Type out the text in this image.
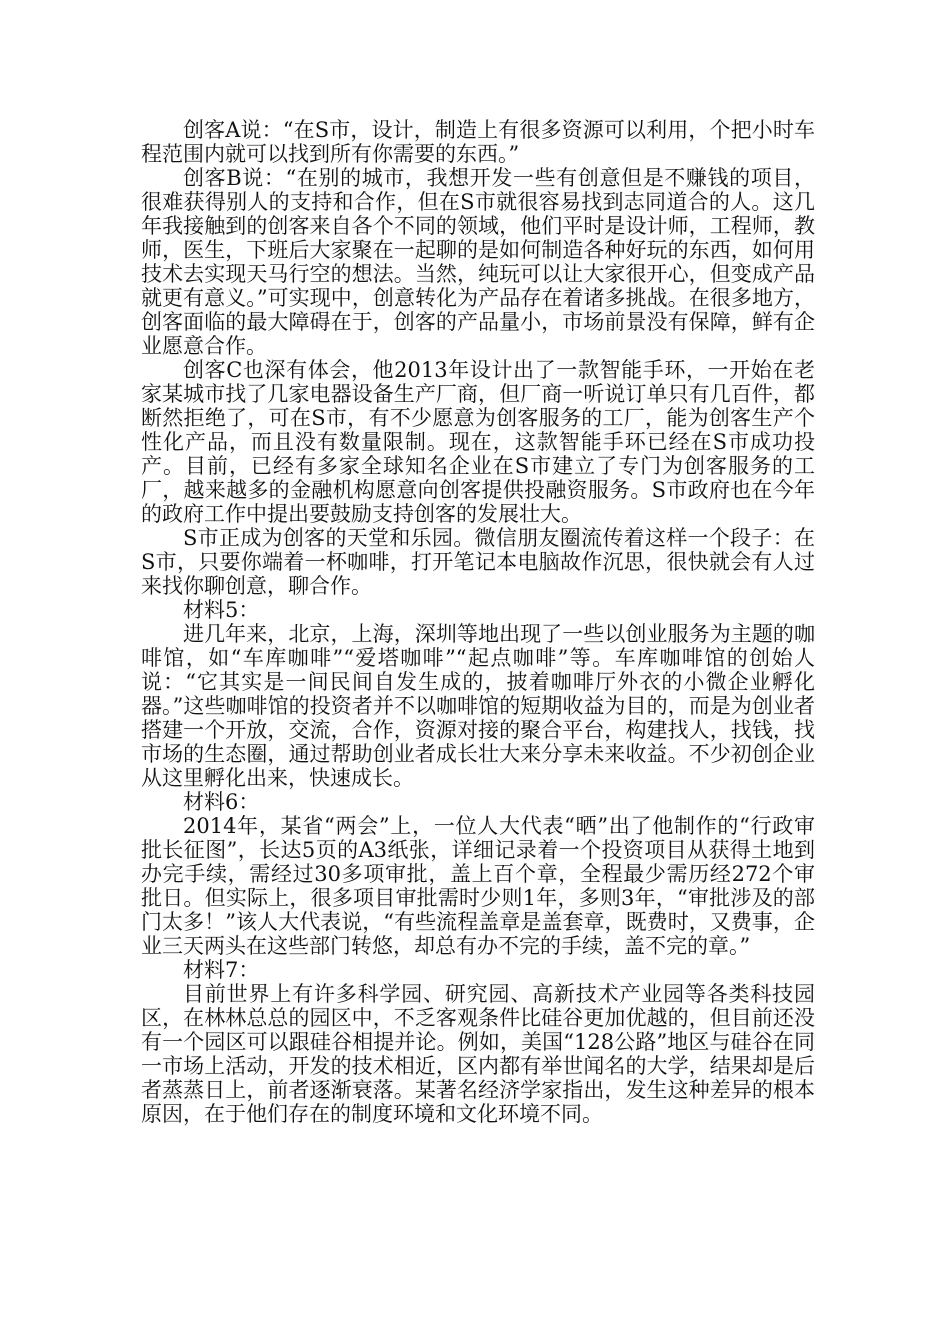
创客A说：“在S市，设计，制造上有很多资源可以利用，个把小时车程范围内就可以找到所有你需要的东西。”

创客B说：“在别的城市，我想开发一些有创意但是不赚钱的项目，很难获得别人的支持和合作，但在S市就很容易找到志同道合的人。这几年我接触到的创客来自各个不同的领域，他们平时是设计师，工程师，教师，医生，下班后大家聚在一起聊的是如何制造各种好玩的东西，如何用技术去实现天马行空的想法。当然，纯玩可以让大家很开心，但变成产品就更有意义。”可实现中，创意转化为产品存在着诸多挑战。在很多地方，创客面临的最大障碍在于，创客的产品量小，市场前景没有保障，鲜有企业愿意合作。

创客C也深有体会，他2013年设计出了一款智能手环，一开始在老家某城市找了几家电器设备生产厂商，但厂商一听说订单只有几百件，都断然拒绝了，可在S市，有不少愿意为创客服务的工厂，能为创客生产个性化产品，而且没有数量限制。现在，这款智能手环已经在S市成功投产。目前，已经有多家全球知名企业在S市建立了专门为创客服务的工厂，越来越多的金融机构愿意向创客提供投融资服务。S市政府也在今年的政府工作中提出要鼓励支持创客的发展壮大。

S市正成为创客的天堂和乐园。微信朋友圈流传着这样一个段子：在S市，只要你端着一杯咖啡，打开笔记本电脑故作沉思，很快就会有人过来找你聊创意，聊合作。

材料5：

进几年来，北京，上海，深圳等地出现了一些以创业服务为主题的咖啡馆，如“车库咖啡”“爱塔咖啡”“起点咖啡”等。车库咖啡馆的创始人说：“它其实是一间民间自发生成的，披着咖啡厅外衣的小微企业孵化器。”这些咖啡馆的投资者并不以咖啡馆的短期收益为目的，而是为创业者搭建一个开放，交流，合作，资源对接的聚合平台，构建找人，找钱，找市场的生态圈，通过帮助创业者成长壮大来分享未来收益。不少初创企业从这里孵化出来，快速成长。

材料6：

2014年，某省“两会”上，一位人大代表“晒”出了他制作的“行政审批长征图”，长达5页的A3纸张，详细记录着一个投资项目从获得土地到办完手续，需经过30多项审批，盖上百个章，全程最少需历经272个审批日。但实际上，很多项目审批需时少则1年，多则3年，“审批涉及的部门太多！”该人大代表说，“有些流程盖章是盖套章，既费时，又费事，企业三天两头在这些部门转悠，却总有办不完的手续，盖不完的章。”

材料7：

目前世界上有许多科学园、研究园、高新技术产业园等各类科技园区，在林林总总的园区中，不乏客观条件比硅谷更加优越的，但目前还没有一个园区可以跟硅谷相提并论。例如，美国“128公路”地区与硅谷在同一市场上活动，开发的技术相近，区内都有举世闻名的大学，结果却是后者蒸蒸日上，前者逐渐衰落。某著名经济学家指出，发生这种差异的根本原因，在于他们存在的制度环境和文化环境不同。
